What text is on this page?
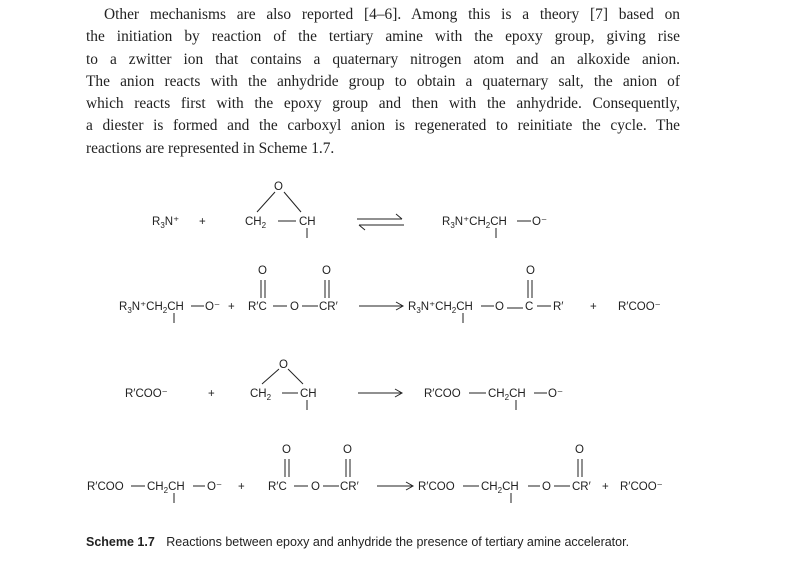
Other mechanisms are also reported [4–6]. Among this is a theory [7] based on
the initiation by reaction of the tertiary amine with the epoxy group, giving rise
to a zwitter ion that contains a quaternary nitrogen atom and an alkoxide anion.
The anion reacts with the anhydride group to obtain a quaternary salt, the anion of
which reacts first with the epoxy group and then with the anhydride. Consequently,
a diester is formed and the carboxyl anion is regenerated to reinitiate the cycle. The
reactions are represented in Scheme 1.7.
$R_3N^+$ +
O
$CH_2$	CH	$R_3N^+CH_2CH$ O⁻
$R_3N^+CH_2CH$ O⁻ +
O
R′C O CR′
O
$R_3N^+CH_2CH$ O C
O
R′ + R′COO⁻
R′COO⁻	+
O
$CH_2$	CH	R′COO $CH_2CH$ O⁻
R′COO $CH_2CH$ O⁻ +
O
R′C O CR′
O
R′COO $CH_2CH$ O CR′
O
+ R′COO⁻
Scheme 1.7 Reactions between epoxy and anhydride the presence of tertiary amine accelerator.
